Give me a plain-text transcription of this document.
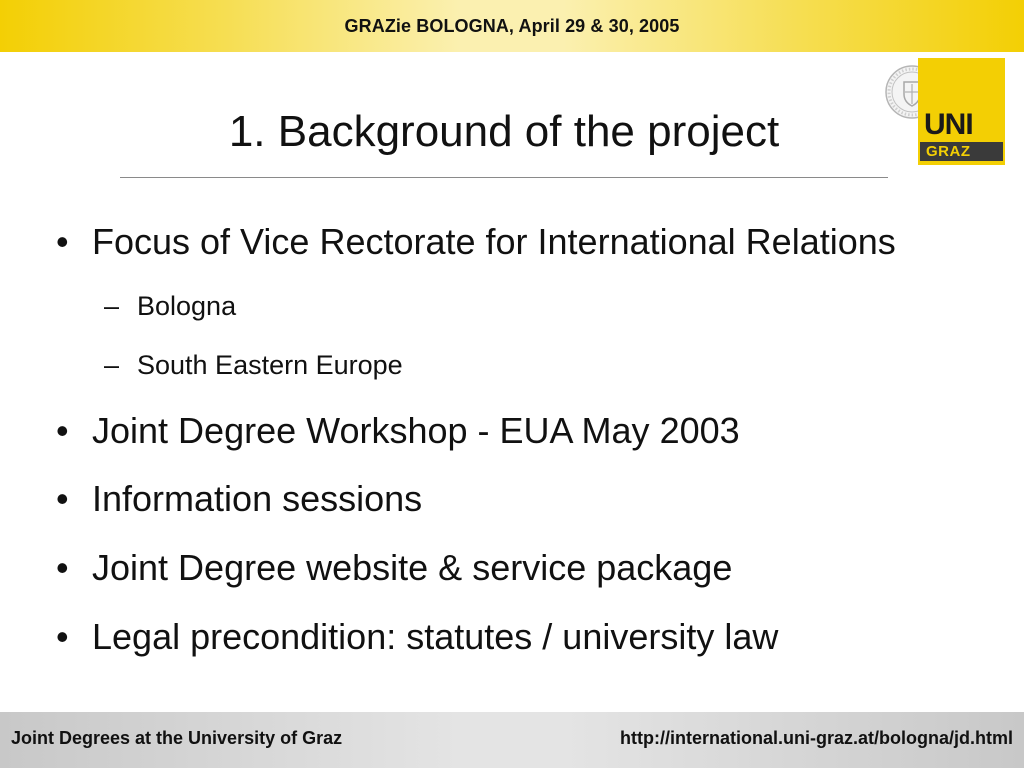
GRAZie BOLOGNA, April 29 & 30, 2005
UNI
GRAZ
1. Background of the project
• Focus of Vice Rectorate for International Relations
– Bologna
– South Eastern Europe
• Joint Degree Workshop - EUA May 2003
• Information sessions
• Joint Degree website & service package
• Legal precondition: statutes / university law
Joint Degrees at the University of Graz	http://international.uni-graz.at/bologna/jd.html
